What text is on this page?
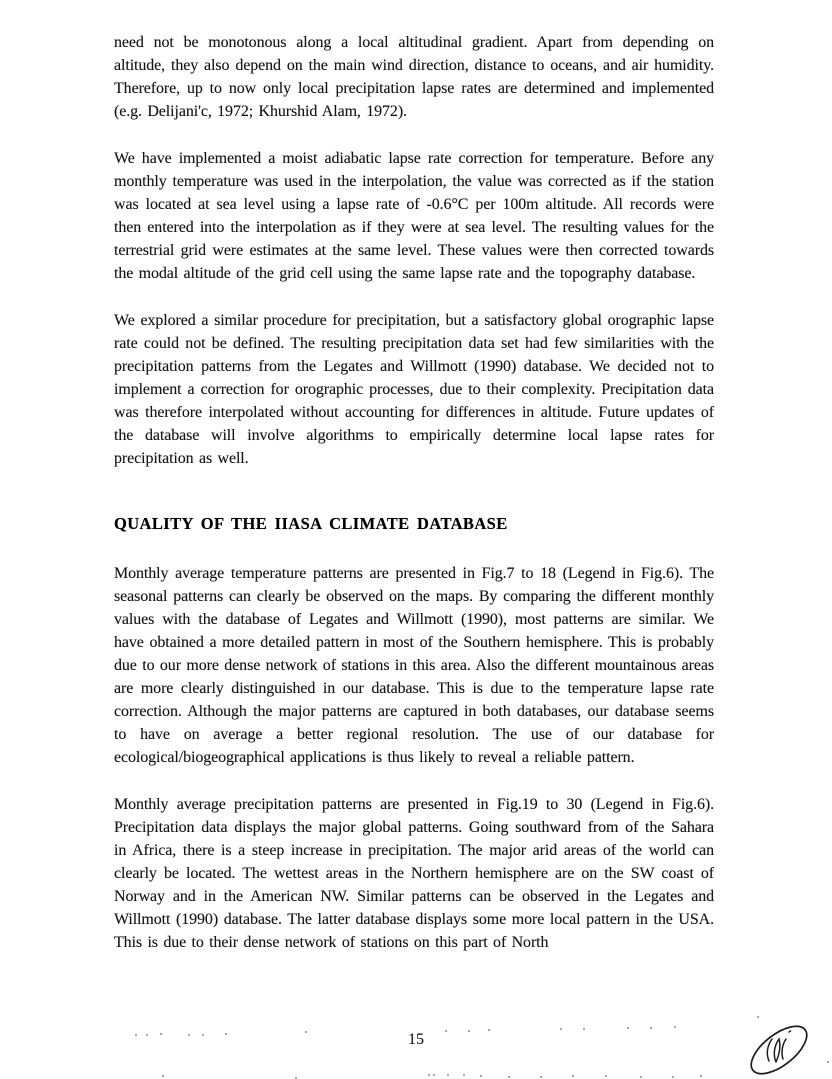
need not be monotonous along a local altitudinal gradient. Apart from depending on altitude, they also depend on the main wind direction, distance to oceans, and air humidity. Therefore, up to now only local precipitation lapse rates are determined and implemented (e.g. Delijani'c, 1972; Khurshid Alam, 1972).

We have implemented a moist adiabatic lapse rate correction for temperature. Before any monthly temperature was used in the interpolation, the value was corrected as if the station was located at sea level using a lapse rate of -0.6°C per 100m altitude. All records were then entered into the interpolation as if they were at sea level. The resulting values for the terrestrial grid were estimates at the same level. These values were then corrected towards the modal altitude of the grid cell using the same lapse rate and the topography database.

We explored a similar procedure for precipitation, but a satisfactory global orographic lapse rate could not be defined. The resulting precipitation data set had few similarities with the precipitation patterns from the Legates and Willmott (1990) database. We decided not to implement a correction for orographic processes, due to their complexity. Precipitation data was therefore interpolated without accounting for differences in altitude. Future updates of the database will involve algorithms to empirically determine local lapse rates for precipitation as well.

QUALITY OF THE IIASA CLIMATE DATABASE

Monthly average temperature patterns are presented in Fig.7 to 18 (Legend in Fig.6). The seasonal patterns can clearly be observed on the maps. By comparing the different monthly values with the database of Legates and Willmott (1990), most patterns are similar. We have obtained a more detailed pattern in most of the Southern hemisphere. This is probably due to our more dense network of stations in this area. Also the different mountainous areas are more clearly distinguished in our database. This is due to the temperature lapse rate correction. Although the major patterns are captured in both databases, our database seems to have on average a better regional resolution. The use of our database for ecological/biogeographical applications is thus likely to reveal a reliable pattern.

Monthly average precipitation patterns are presented in Fig.19 to 30 (Legend in Fig.6). Precipitation data displays the major global patterns. Going southward from of the Sahara in Africa, there is a steep increase in precipitation. The major arid areas of the world can clearly be located. The wettest areas in the Northern hemisphere are on the SW coast of Norway and in the American NW. Similar patterns can be observed in the Legates and Willmott (1990) database. The latter database displays some more local pattern in the USA. This is due to their dense network of stations on this part of North

15
